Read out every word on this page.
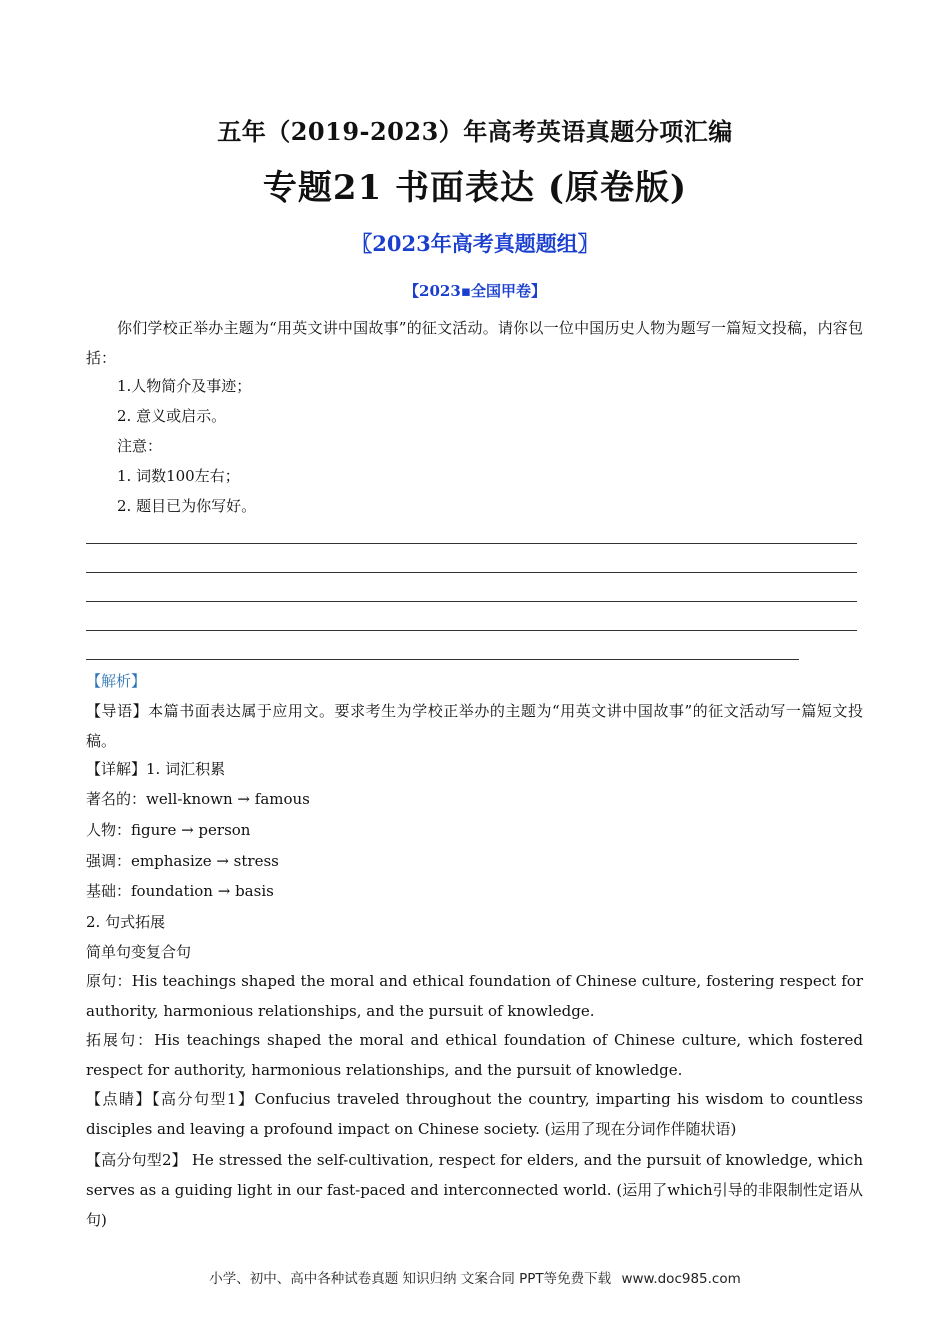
五年（2019-2023）年高考英语真题分项汇编
专题21 书面表达 (原卷版)
〖2023年高考真题题组〗
【2023▪全国甲卷】
你们学校正举办主题为“用英文讲中国故事”的征文活动。请你以一位中国历史人物为题写一篇短文投稿，内容包括：
1.人物简介及事迹；
2. 意义或启示。
注意：
1. 词数100左右；
2. 题目已为你写好。
【解析】
【导语】本篇书面表达属于应用文。要求考生为学校正举办的主题为“用英文讲中国故事”的征文活动写一篇短文投稿。
【详解】1. 词汇积累
著名的：well-known → famous
人物：figure → person
强调：emphasize → stress
基础：foundation → basis
2. 句式拓展
简单句变复合句
原句：His teachings shaped the moral and ethical foundation of Chinese culture, fostering respect for authority, harmonious relationships, and the pursuit of knowledge.
拓展句：His teachings shaped the moral and ethical foundation of Chinese culture, which fostered respect for authority, harmonious relationships, and the pursuit of knowledge.
【点睛】【高分句型1】Confucius traveled throughout the country, imparting his wisdom to countless disciples and leaving a profound impact on Chinese society. (运用了现在分词作伴随状语)
【高分句型2】 He stressed the self-cultivation, respect for elders, and the pursuit of knowledge, which serves as a guiding light in our fast-paced and interconnected world. (运用了which引导的非限制性定语从句)
小学、初中、高中各种试卷真题 知识归纳 文案合同 PPT等免费下载 www.doc985.com
